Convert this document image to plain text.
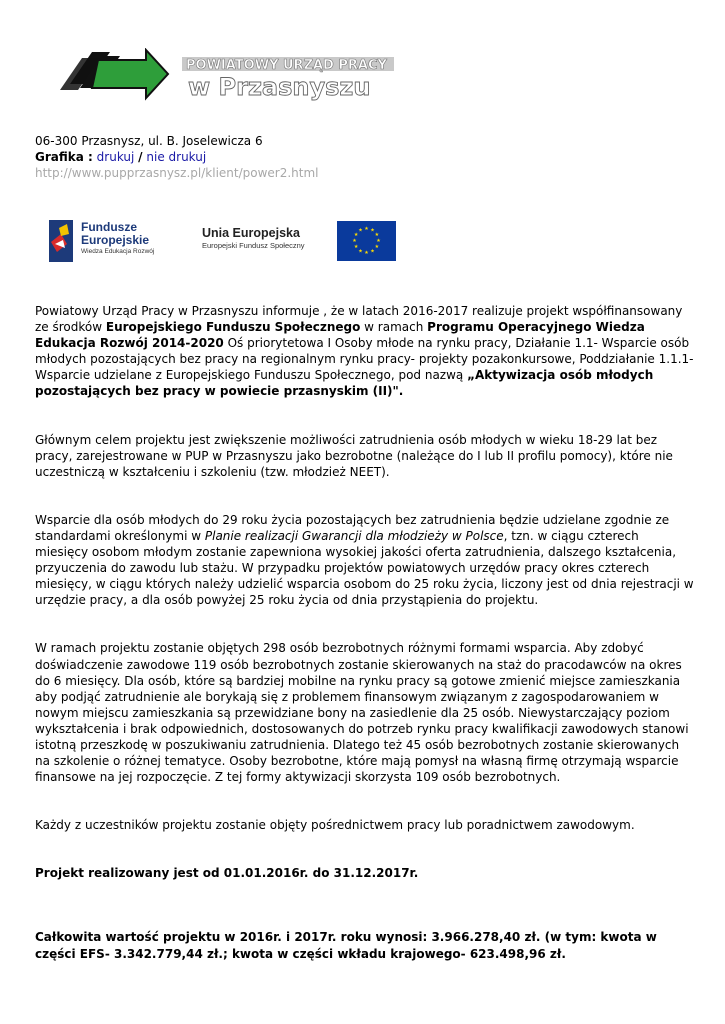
POWIATOWY URZĄD PRACY
w Przasnyszu
06-300 Przasnysz, ul. B. Joselewicza 6
Grafika : drukuj / nie drukuj
http://www.pupprzasnysz.pl/klient/power2.html
Fundusze
Europejskie
Wiedza Edukacja Rozwój
Unia Europejska
Europejski Fundusz Społeczny
★ ★
★
★
★
★
★
★
★
★
★
★

Powiatowy Urząd Pracy w Przasnyszu informuje , że w latach 2016-2017 realizuje projekt współfinansowany ze środków Europejskiego Funduszu Społecznego w ramach Programu Operacyjnego Wiedza Edukacja Rozwój 2014-2020 Oś priorytetowa I Osoby młode na rynku pracy, Działanie 1.1- Wsparcie osób młodych pozostających bez pracy na regionalnym rynku pracy- projekty pozakonkursowe, Poddziałanie 1.1.1- Wsparcie udzielane z Europejskiego Funduszu Społecznego, pod nazwą „Aktywizacja osób młodych pozostających bez pracy w powiecie przasnyskim (II)".

Głównym celem projektu jest zwiększenie możliwości zatrudnienia osób młodych w wieku 18-29 lat bez pracy, zarejestrowane w PUP w Przasnyszu jako bezrobotne (należące do I lub II profilu pomocy), które nie uczestniczą w kształceniu i szkoleniu (tzw. młodzież NEET).

Wsparcie dla osób młodych do 29 roku życia pozostających bez zatrudnienia będzie udzielane zgodnie ze standardami określonymi w Planie realizacji Gwarancji dla młodzieży w Polsce, tzn. w ciągu czterech miesięcy osobom młodym zostanie zapewniona wysokiej jakości oferta zatrudnienia, dalszego kształcenia, przyuczenia do zawodu lub stażu. W przypadku projektów powiatowych urzędów pracy okres czterech miesięcy, w ciągu których należy udzielić wsparcia osobom do 25 roku życia, liczony jest od dnia rejestracji w urzędzie pracy, a dla osób powyżej 25 roku życia od dnia przystąpienia do projektu.

W ramach projektu zostanie objętych 298 osób bezrobotnych różnymi formami wsparcia. Aby zdobyć doświadczenie zawodowe 119 osób bezrobotnych zostanie skierowanych na staż do pracodawców na okres do 6 miesięcy. Dla osób, które są bardziej mobilne na rynku pracy są gotowe zmienić miejsce zamieszkania aby podjąć zatrudnienie ale borykają się z problemem finansowym związanym z zagospodarowaniem w nowym miejscu zamieszkania są przewidziane bony na zasiedlenie dla 25 osób. Niewystarczający poziom wykształcenia i brak odpowiednich, dostosowanych do potrzeb rynku pracy kwalifikacji zawodowych stanowi istotną przeszkodę w poszukiwaniu zatrudnienia. Dlatego też 45 osób bezrobotnych zostanie skierowanych na szkolenie o różnej tematyce. Osoby bezrobotne, które mają pomysł na własną firmę otrzymają wsparcie finansowe na jej rozpoczęcie. Z tej formy aktywizacji skorzysta 109 osób bezrobotnych.

Każdy z uczestników projektu zostanie objęty pośrednictwem pracy lub poradnictwem zawodowym.

Projekt realizowany jest od 01.01.2016r. do 31.12.2017r.

Całkowita wartość projektu w 2016r. i 2017r. roku wynosi: 3.966.278,40 zł. (w tym: kwota w części EFS- 3.342.779,44 zł.; kwota w części wkładu krajowego- 623.498,96 zł.
